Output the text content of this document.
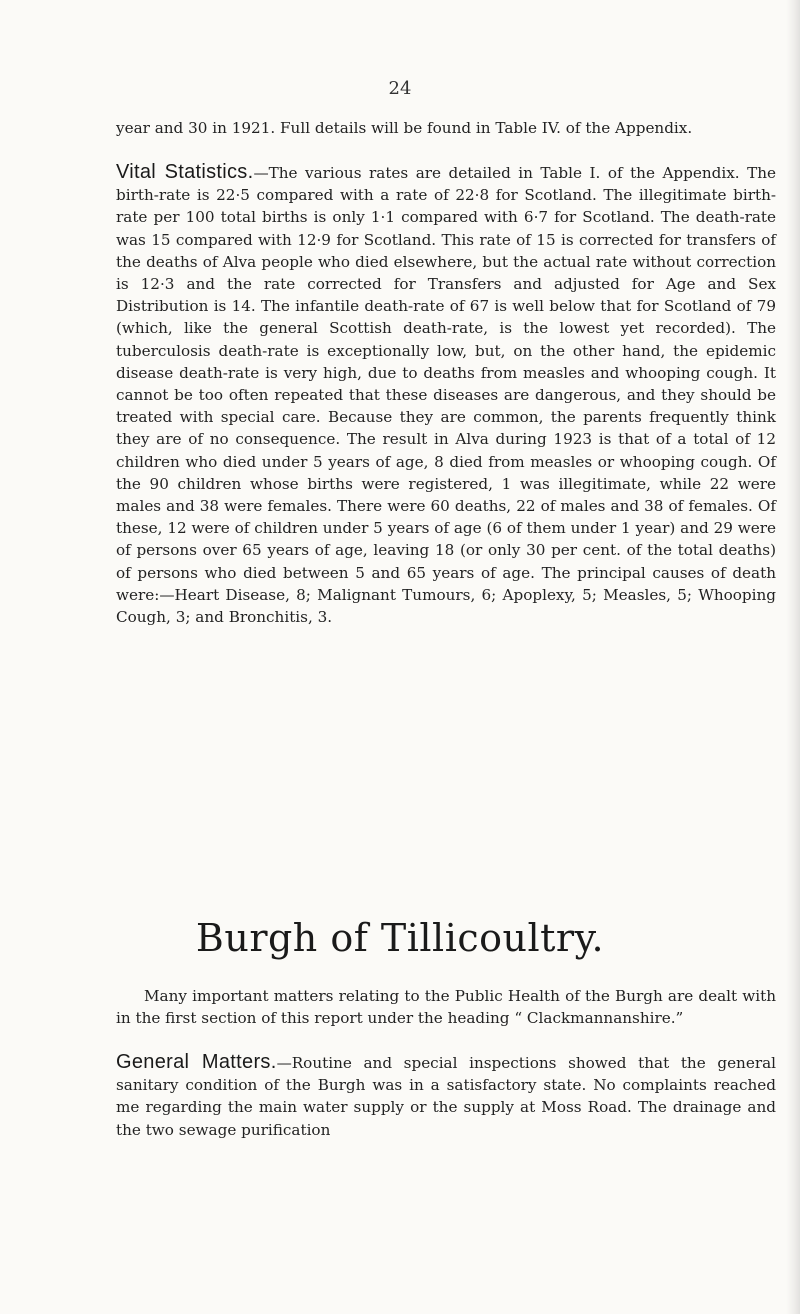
24

year and 30 in 1921. Full details will be found in Table IV. of the Appendix.

Vital Statistics.—The various rates are detailed in Table I. of the Appendix. The birth-rate is 22·5 compared with a rate of 22·8 for Scotland. The illegitimate birth-rate per 100 total births is only 1·1 compared with 6·7 for Scotland. The death-rate was 15 compared with 12·9 for Scotland. This rate of 15 is corrected for transfers of the deaths of Alva people who died elsewhere, but the actual rate without correction is 12·3 and the rate corrected for Transfers and adjusted for Age and Sex Distribution is 14. The infantile death-rate of 67 is well below that for Scotland of 79 (which, like the general Scottish death-rate, is the lowest yet recorded). The tuberculosis death-rate is exceptionally low, but, on the other hand, the epidemic disease death-rate is very high, due to deaths from measles and whooping cough. It cannot be too often repeated that these diseases are dangerous, and they should be treated with special care. Because they are common, the parents frequently think they are of no consequence. The result in Alva during 1923 is that of a total of 12 children who died under 5 years of age, 8 died from measles or whooping cough. Of the 90 children whose births were registered, 1 was illegitimate, while 22 were males and 38 were females. There were 60 deaths, 22 of males and 38 of females. Of these, 12 were of children under 5 years of age (6 of them under 1 year) and 29 were of persons over 65 years of age, leaving 18 (or only 30 per cent. of the total deaths) of persons who died between 5 and 65 years of age. The principal causes of death were:—Heart Disease, 8; Malignant Tumours, 6; Apoplexy, 5; Measles, 5; Whooping Cough, 3; and Bronchitis, 3.

Burgh of Tillicoultry.

Many important matters relating to the Public Health of the Burgh are dealt with in the first section of this report under the heading “ Clackmannanshire.”

General Matters.—Routine and special inspections showed that the general sanitary condition of the Burgh was in a satisfactory state. No complaints reached me regarding the main water supply or the supply at Moss Road. The drainage and the two sewage purification
